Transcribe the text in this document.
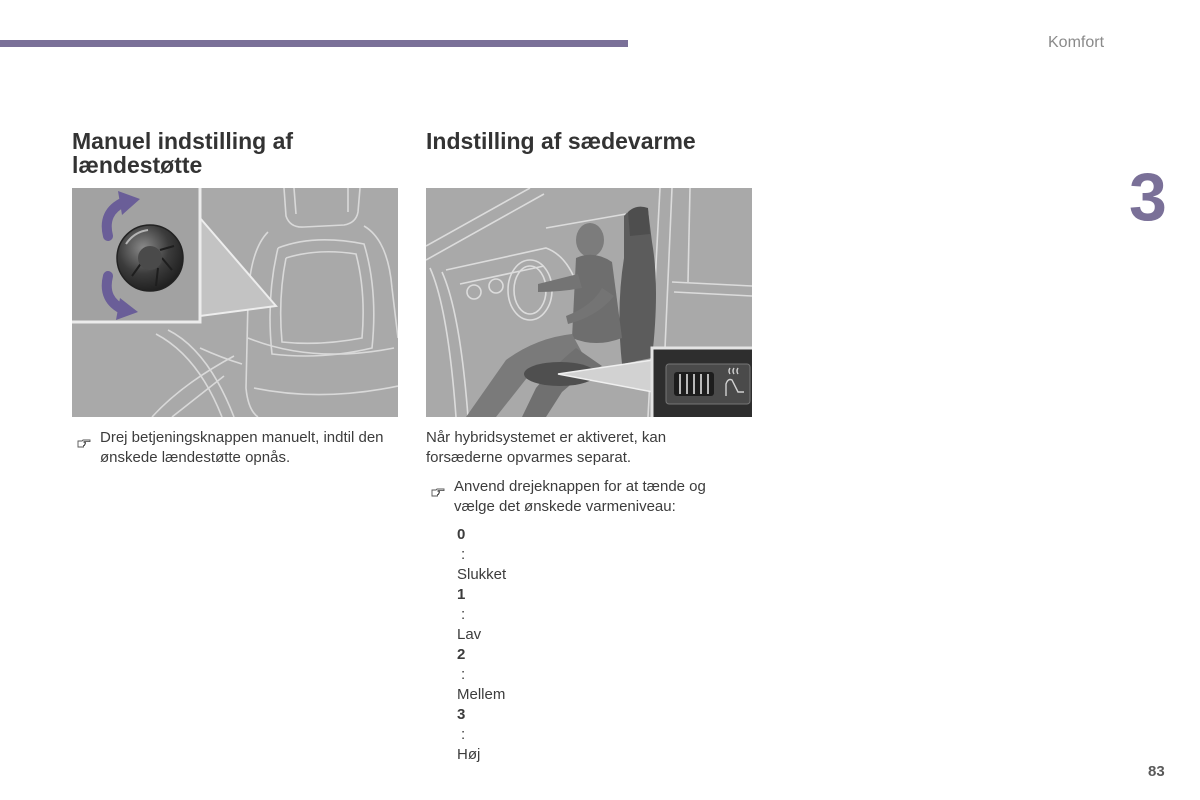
Komfort
3
Manuel indstilling af
lændestøtte
Drej betjeningsknappen manuelt, indtil den
ønskede lændestøtte opnås.
Indstilling af sædevarme
Når hybridsystemet er aktiveret, kan
forsæderne opvarmes separat.
Anvend drejeknappen for at tænde og
vælge det ønskede varmeniveau:
0
:
Slukket
1
:
Lav
2
:
Mellem
3
:
Høj
83
